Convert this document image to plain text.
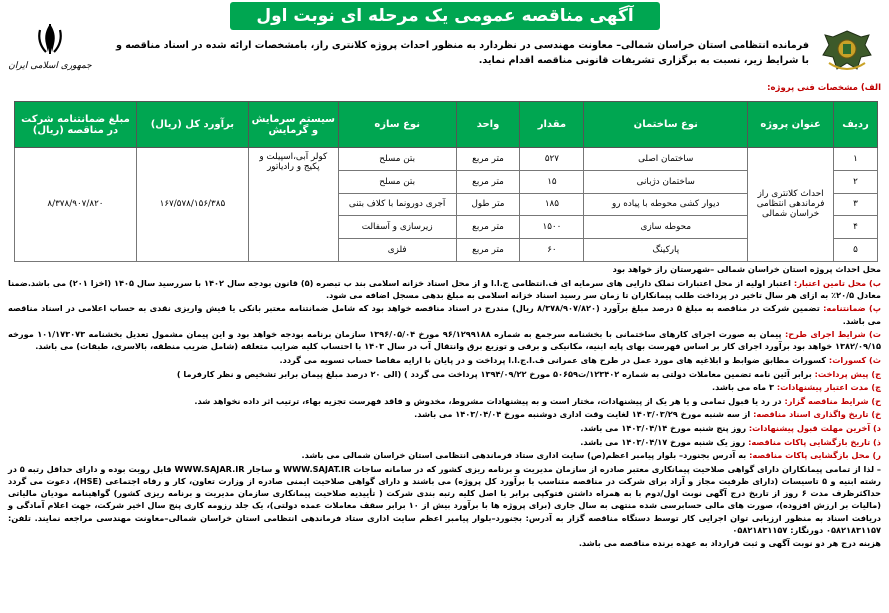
آگهی مناقصه عمومی یک مرحله ای نوبت اول
جمهوری اسلامی ایران
فرمانده انتظامی استان خراسان شمالی– معاونت مهندسی در نظردارد به منظور احداث پروژه کلانتری راز، بامشخصات ارائه شده در اسناد مناقصه و با شرایط زیر، نسبت به برگزاری تشریفات قانونی مناقصه اقدام نماید.
الف) مشخصات فنی پروژه:
ردیف	عنوان پروژه	نوع ساختمان	مقدار	واحد	نوع سازه	سیستم سرمایش و گرمایش	برآورد کل (ریال)	مبلغ ضمانتنامه شرکت در مناقصه (ریال)
۱	احداث کلانتری راز فرماندهی انتظامی خراسان شمالی	ساختمان اصلی	۵۲۷	متر مربع	بتن مسلح	کولر آبی،اسپیلت و پکیج و رادیاتور	۱۶۷/۵۷۸/۱۵۶/۳۸۵	۸/۳۷۸/۹۰۷/۸۲۰
۲		ساختمان دژبانی	۱۵	متر مربع	بتن مسلح			
۳		دیوار کشی محوطه با پیاده رو	۱۸۵	متر طول	آجری دورونما با کلاف بتنی			
۴		محوطه سازی	۱۵۰۰	متر مربع	زیرسازی و آسفالت			
۵		پارکینگ	۶۰	متر مربع	فلزی			

محل احداث پروژه استان خراسان شمالی –شهرستان راز خواهد بود

ب) محل تامین اعتبار: اعتبار اولیه از محل اعتبارات تملک دارایی های سرمایه ای ف.انتظامی ج.ا.ا و از محل اسناد خزانه اسلامی بند ب تبصره (۵) قانون بودجه سال ۱۴۰۲ با سررسید سال ۱۴۰۵ (اخزا ۲۰۱) می باشد.ضمنا معادل ۲۰/۵٪ به ازای هر سال تاخیر در پرداخت طلب پیمانکاران تا زمان سر رسید اسناد خزانه اسلامی به مبلغ بدهی مسجل اضافه می شود.

پ) ضمانتنامه: تضمین شرکت در مناقصه به مبلغ ۵ درصد مبلغ برآورد (۸/۳۷۸/۹۰۷/۸۲۰ ریال) مندرج در اسناد مناقصه خواهد بود که شامل ضمانتنامه معتبر بانکی یا فیش واریزی نقدی به حساب اعلامی در اسناد مناقصه می باشد.

ت) شرایط اجرای طرح: پیمان به صورت اجرای کارهای ساختمانی با بخشنامه سرجمع به شماره ۹۶/۱۲۹۹۱۸۸ مورخ ۱۳۹۶/۰۵/۰۴ سازمان برنامه بودجه خواهد بود و این پیمان مشمول تعدیل بخشنامه ۱۰۱/۱۷۳۰۷۳ مورخه ۱۳۸۲/۰۹/۱۵ خواهد بود برآورد اجرای کار بر اساس فهرست بهای پایه ابنیه، مکانیکی و برقی و توزیع برق وانتقال آب در سال ۱۴۰۳ با احتساب کلیه ضرایب متعلقه (شامل ضریب منطقه، بالاسری، طبقات) می باشد.

ث) کسورات: کسورات مطابق ضوابط و ابلاغیه های مورد عمل در طرح های عمرانی ف.ا.ج.ا.ا پرداخت و در پایان با ارایه مفاصا حساب تسویه می گردد.

ج) پیش پرداخت: برابر آئین نامه تضمین معاملات دولتی به شماره ۱۲۳۴۰۲/ت۵۰۶۵۹ مورخ ۱۳۹۴/۰۹/۲۲ پرداخت می گردد ) (الی ۲۰ درصد مبلغ پیمان برابر تشخیص و نظر کارفرما )

چ) مدت اعتبار پیشنهادات: ۳ ماه می باشد.

ح) شرایط مناقصه گزار: در رد یا قبول تمامی و یا هر یک از پیشنهادات، مختار است و به پیشنهادات مشروط، مخدوش و فاقد فهرست تجزیه بهاء، ترتیب اثر داده نخواهد شد.

خ) تاریخ واگذاری اسناد مناقصه: از سه شنبه مورخ ۱۴۰۳/۰۳/۲۹ لغایت وقت اداری دوشنبه مورخ ۱۴۰۳/۰۴/۰۴ می باشد.

د) آخرین مهلت قبول پیشنهادات: روز پنج شنبه مورخ ۱۴۰۳/۰۴/۱۴ می باشد.

ذ) تاریخ بازگشایی پاکات مناقصه: روز یک شنبه مورخ ۱۴۰۳/۰۴/۱۷ می باشد.

ر) محل بازگشایی پاکات مناقصه: به آدرس بجنورد– بلوار پیامبر اعظم(ص) سایت اداری ستاد فرماندهی انتظامی استان خراسان شمالی می باشد.

– لذا از تمامی پیمانکاران دارای گواهی صلاحیت پیمانکاری معتبر صادره از سازمان مدیریت و برنامه ریزی کشور که در سامانه ساجات WWW.SAJAT.IR و ساجار WWW.SAJAR.IR قابل رویت بوده و دارای حداقل رتبه ۵ در رشته ابنیه و ۵ تاسیسات (دارای ظرفیت مجاز و آزاد برای شرکت در مناقصه متناسب با برآورد کل پروژه) می باشند و دارای گواهی صلاحیت ایمنی صادره از وزارت تعاون، کار و رفاه اجتماعی (HSE)، دعوت می گردد حداکثرظرف مدت ۶ روز از تاریخ درج آگهی نوبت اول/دوم با به همراه داشتن فتوکپی برابر با اصل کلیه رتبه بندی شرکت ( تأییدیه صلاحیت پیمانکاری سازمان مدیریت و برنامه ریزی کشور) گواهینامه مودیان مالیاتی (مالیات بر ارزش افزوده)، صورت های مالی حسابرسی شده منتهی به سال جاری (برای پروژه ها با برآورد بیش از ۱۰ برابر سقف معاملات عمده دولتی)، یک جلد رزومه کاری پنج سال اخیر شرکت، جهت اعلام آمادگی و دریافت اسناد به منظور ارزیابی توان اجرایی کار توسط دستگاه مناقصه گزار به آدرس: بجنورد–بلوار پیامبر اعظم سایت اداری ستاد فرماندهی انتظامی استان خراسان شمالی–معاونت مهندسی مراجعه نمایند. تلفن: ۰۵۸۲۱۸۳۱۱۵۷ دورنگار: ۰۵۸۲۱۸۳۱۱۵۷

هزینه درج هر دو نوبت آگهی و ثبت قرارداد به عهده برنده مناقصه می باشد.
